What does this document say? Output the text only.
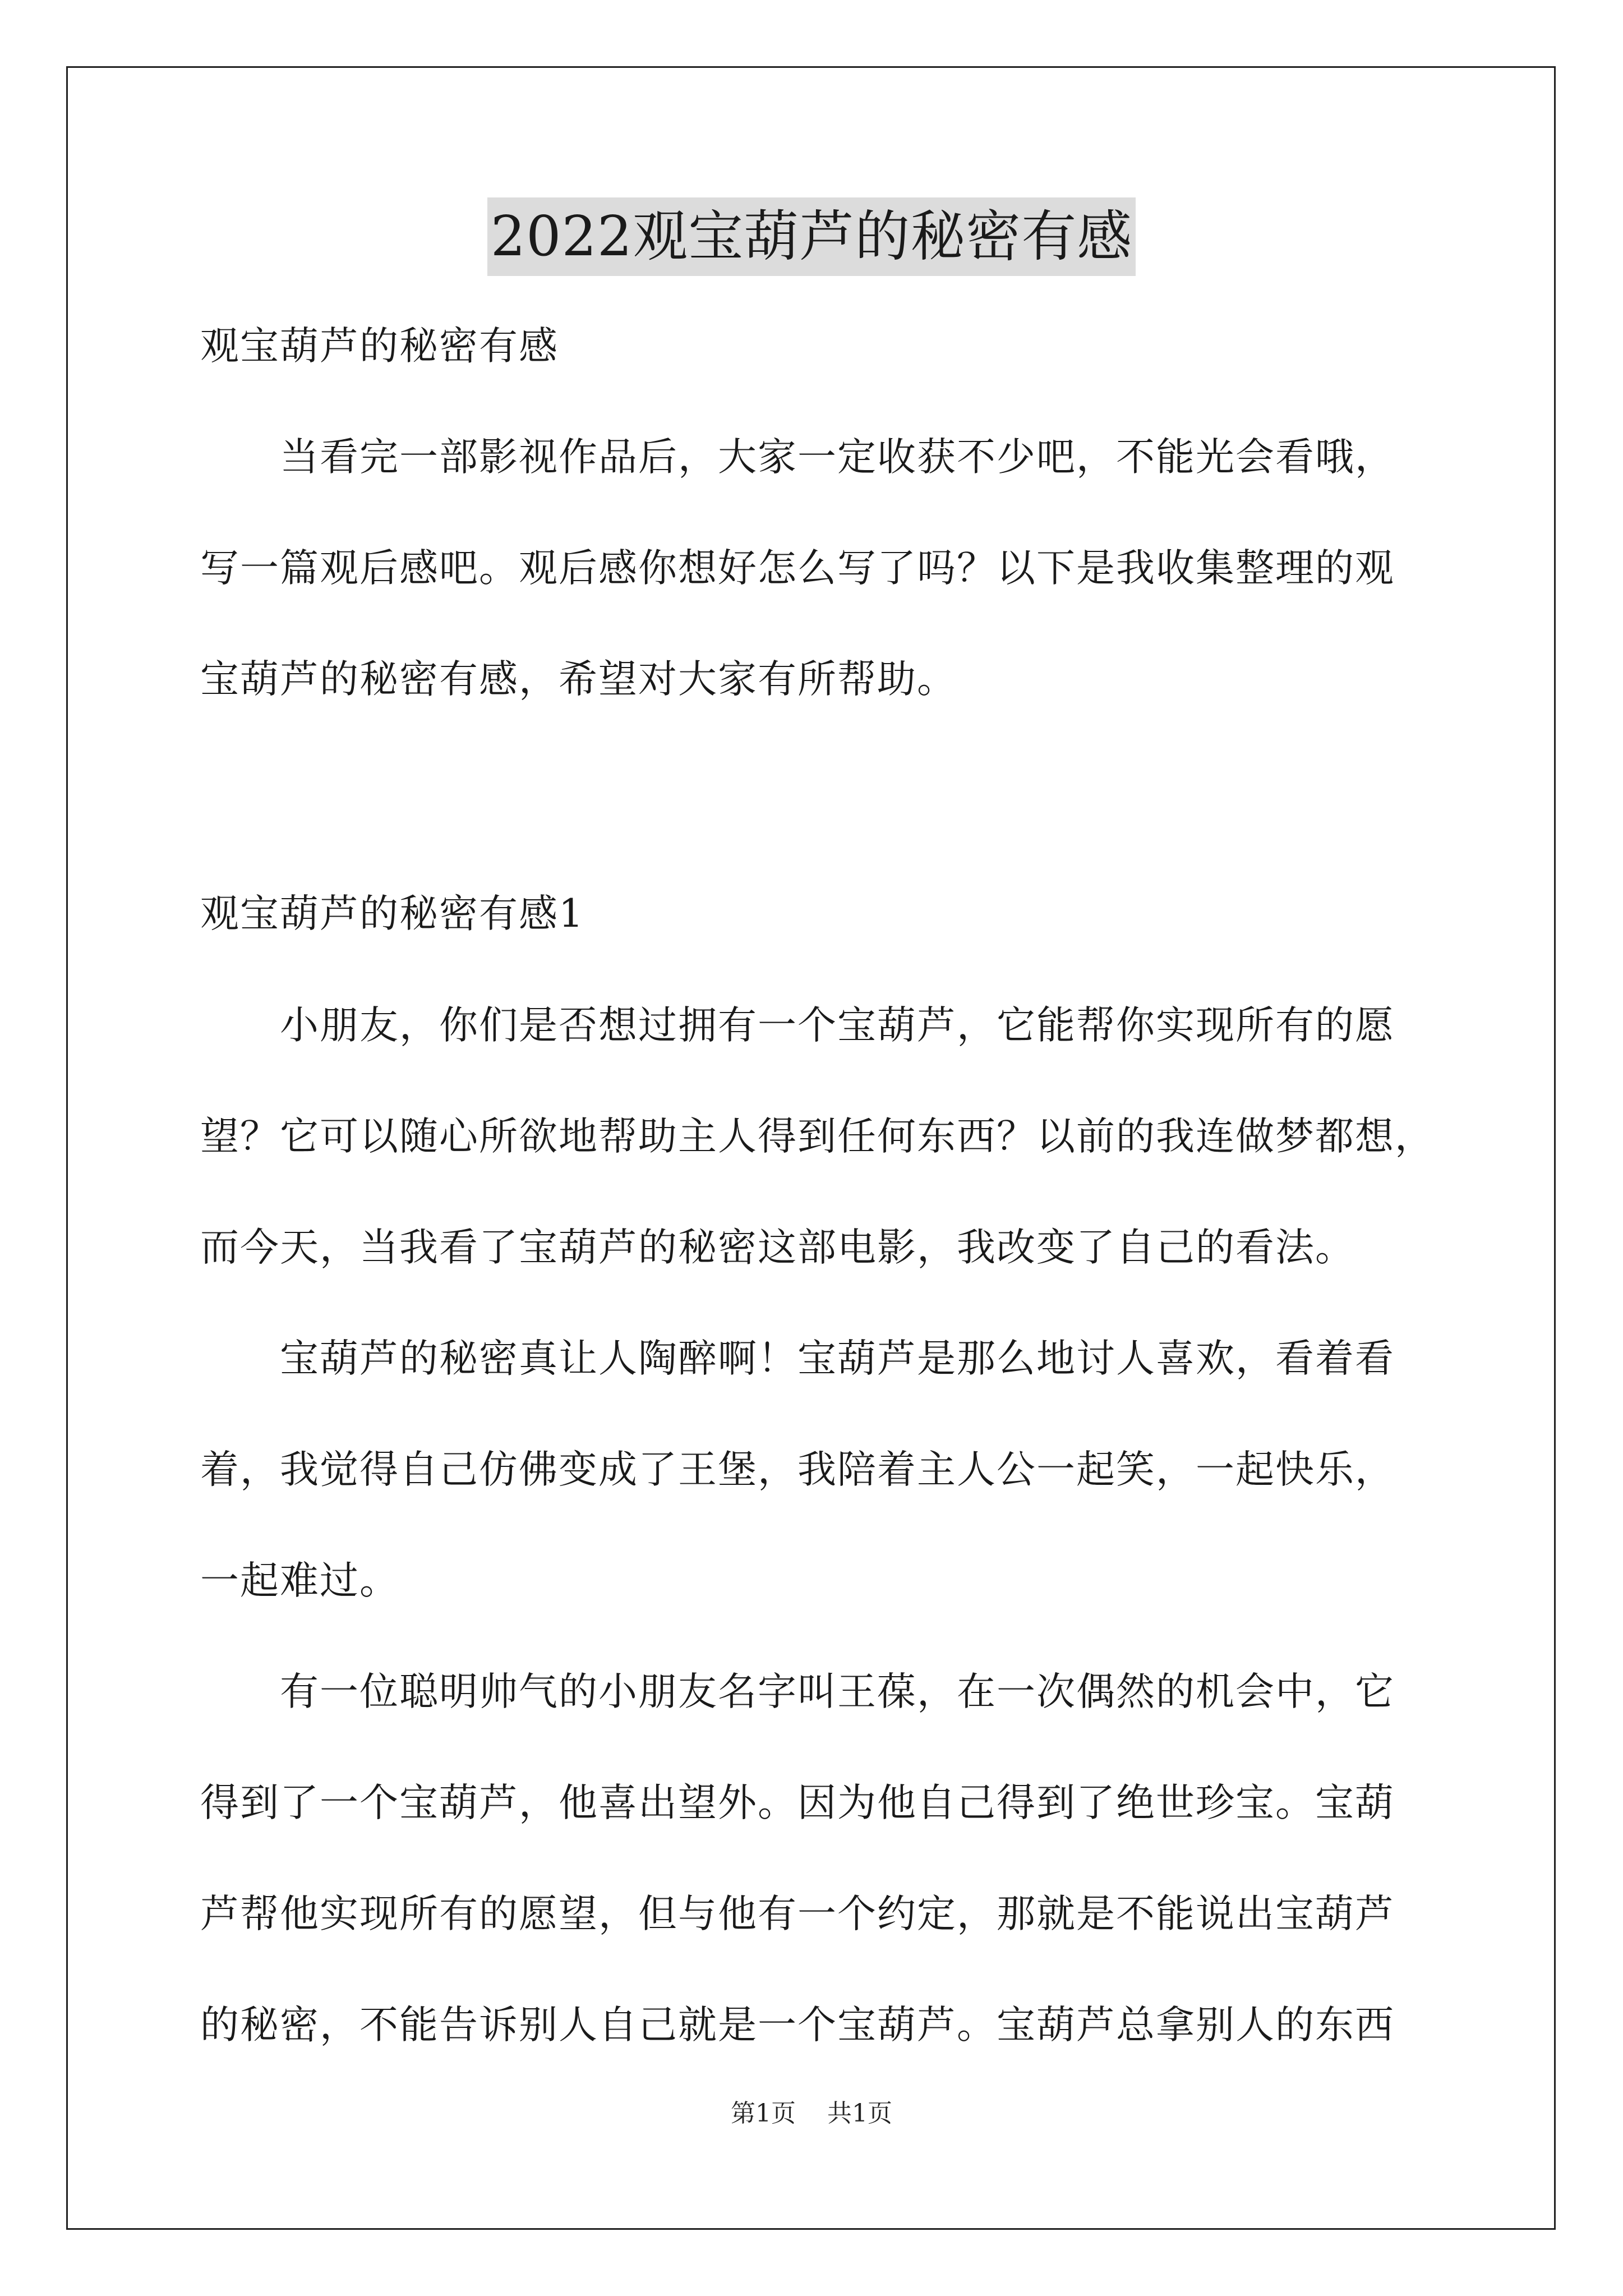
2022观宝葫芦的秘密有感
观宝葫芦的秘密有感
　　当看完一部影视作品后，大家一定收获不少吧，不能光会看哦，
写一篇观后感吧。观后感你想好怎么写了吗？以下是我收集整理的观
宝葫芦的秘密有感，希望对大家有所帮助。
观宝葫芦的秘密有感1
　　小朋友，你们是否想过拥有一个宝葫芦，它能帮你实现所有的愿
望？它可以随心所欲地帮助主人得到任何东西？以前的我连做梦都想，
而今天，当我看了宝葫芦的秘密这部电影，我改变了自己的看法。
　　宝葫芦的秘密真让人陶醉啊！宝葫芦是那么地讨人喜欢，看着看
着，我觉得自己仿佛变成了王堡，我陪着主人公一起笑，一起快乐，
一起难过。
　　有一位聪明帅气的小朋友名字叫王葆，在一次偶然的机会中，它
得到了一个宝葫芦，他喜出望外。因为他自己得到了绝世珍宝。宝葫
芦帮他实现所有的愿望，但与他有一个约定，那就是不能说出宝葫芦
的秘密，不能告诉别人自己就是一个宝葫芦。宝葫芦总拿别人的东西
第1页 共1页
